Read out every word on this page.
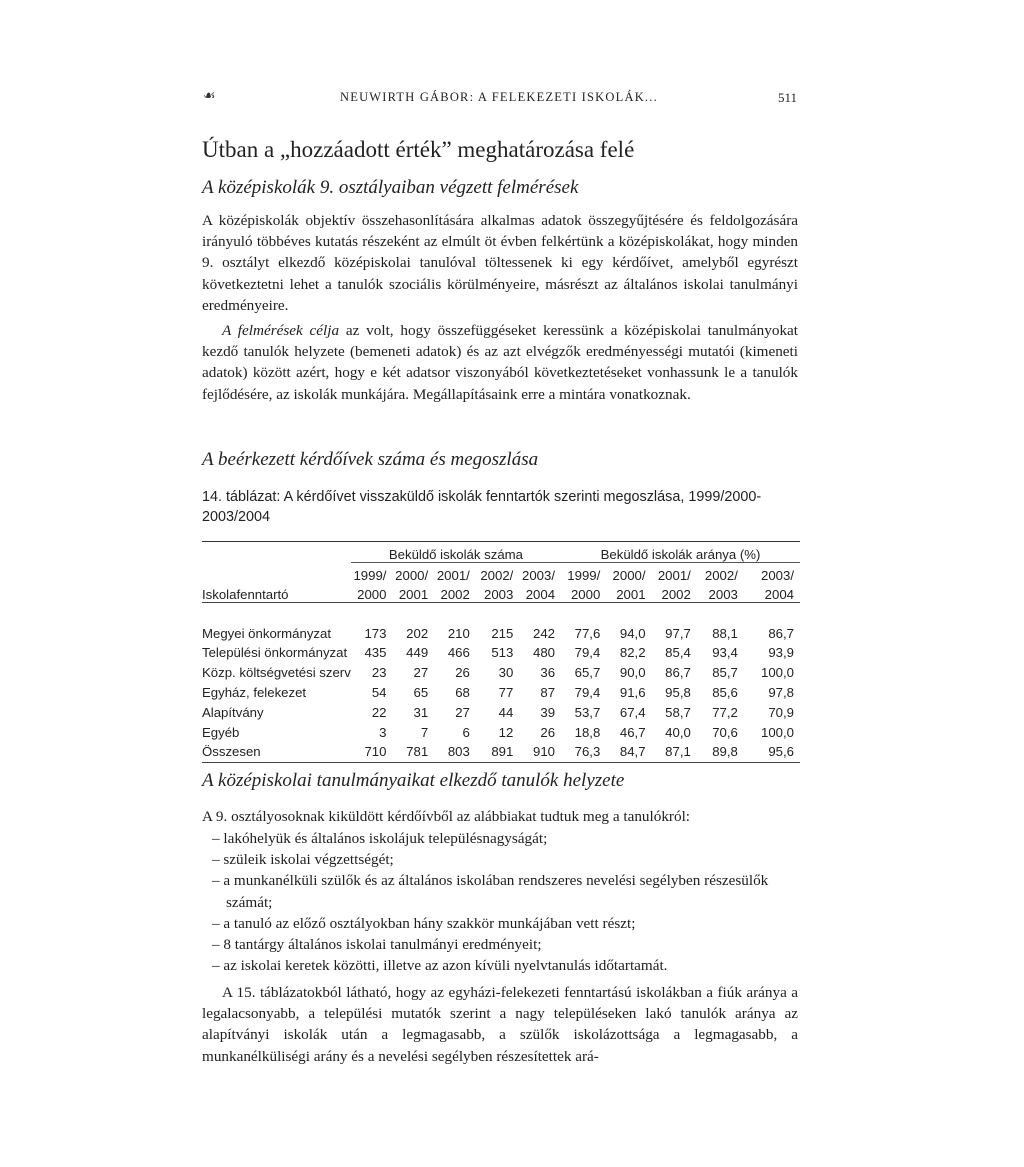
☙	NEUWIRTH GÁBOR: A FELEKEZETI ISKOLÁK...	511
Útban a „hozzáadott érték” meghatározása felé
A középiskolák 9. osztályaiban végzett felmérések

A középiskolák objektív összehasonlítására alkalmas adatok összegyűjtésére és feldolgozására irányuló többéves kutatás részeként az elmúlt öt évben felkértünk a középiskolákat, hogy minden 9. osztályt elkezdő középiskolai tanulóval töltessenek ki egy kérdőívet, amelyből egyrészt következtetni lehet a tanulók szociális körülményeire, másrészt az általános iskolai tanulmányi eredményeire.

A felmérések célja az volt, hogy összefüggéseket keressünk a középiskolai tanulmányokat kezdő tanulók helyzete (bemeneti adatok) és az azt elvégzők eredményességi mutatói (kimeneti adatok) között azért, hogy e két adatsor viszonyából következtetéseket vonhassunk le a tanulók fejlődésére, az iskolák munkájára. Megállapításaink erre a mintára vonatkoznak.

A beérkezett kérdőívek száma és megoszlása
14. táblázat: A kérdőívet visszaküldő iskolák fenntartók szerinti megoszlása, 1999/2000-2003/2004
	Beküldő iskolák száma					Beküldő iskolák aránya (%)				
	1999/	2000/	2001/	2002/	2003/	1999/	2000/	2001/	2002/	2003/
Iskolafenntartó	2000	2001	2002	2003	2004	2000	2001	2002	2003	2004

Megyei önkormányzat	173	202	210	215	242	77,6	94,0	97,7	88,1	86,7
Települési önkormányzat	435	449	466	513	480	79,4	82,2	85,4	93,4	93,9
Közp. költségvetési szerv	23	27	26	30	36	65,7	90,0	86,7	85,7	100,0
Egyház, felekezet	54	65	68	77	87	79,4	91,6	95,8	85,6	97,8
Alapítvány	22	31	27	44	39	53,7	67,4	58,7	77,2	70,9
Egyéb	3	7	6	12	26	18,8	46,7	40,0	70,6	100,0
Összesen	710	781	803	891	910	76,3	84,7	87,1	89,8	95,6
A középiskolai tanulmányaikat elkezdő tanulók helyzete

A 9. osztályosoknak kiküldött kérdőívből az alábbiakat tudtuk meg a tanulókról:

– lakóhelyük és általános iskolájuk településnagyságát;
– szüleik iskolai végzettségét;
– a munkanélküli szülők és az általános iskolában rendszeres nevelési segélyben részesülők számát;
– a tanuló az előző osztályokban hány szakkör munkájában vett részt;
– 8 tantárgy általános iskolai tanulmányi eredményeit;
– az iskolai keretek közötti, illetve az azon kívüli nyelvtanulás időtartamát.

A 15. táblázatokból látható, hogy az egyházi-felekezeti fenntartású iskolákban a fiúk aránya a legalacsonyabb, a települési mutatók szerint a nagy településeken lakó tanulók aránya az alapítványi iskolák után a legmagasabb, a szülők iskolázottsága a legmagasabb, a munkanélküliségi arány és a nevelési segélyben részesítettek ará-
